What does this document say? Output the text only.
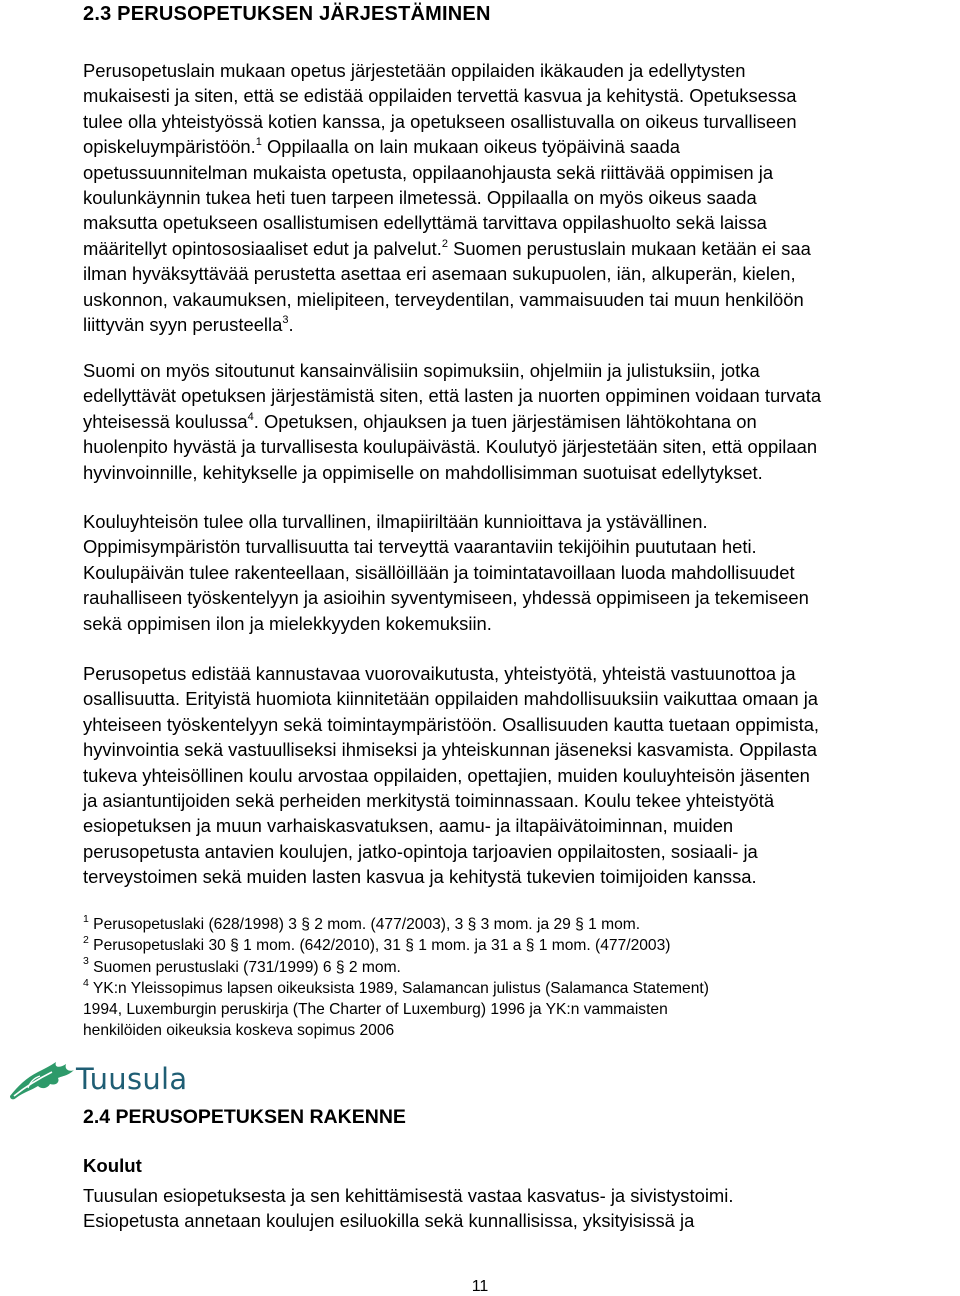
2.3 PERUSOPETUKSEN JÄRJESTÄMINEN
Perusopetuslain mukaan opetus järjestetään oppilaiden ikäkauden ja edellytysten
mukaisesti ja siten, että se edistää oppilaiden tervettä kasvua ja kehitystä. Opetuksessa
tulee olla yhteistyössä kotien kanssa, ja opetukseen osallistuvalla on oikeus turvalliseen
opiskeluympäristöön.$^1$ Oppilaalla on lain mukaan oikeus työpäivinä saada
opetussuunnitelman mukaista opetusta, oppilaanohjausta sekä riittävää oppimisen ja
koulunkäynnin tukea heti tuen tarpeen ilmetessä. Oppilaalla on myös oikeus saada
maksutta opetukseen osallistumisen edellyttämä tarvittava oppilashuolto sekä laissa
määritellyt opintososiaaliset edut ja palvelut.$^2$ Suomen perustuslain mukaan ketään ei saa
ilman hyväksyttävää perustetta asettaa eri asemaan sukupuolen, iän, alkuperän, kielen,
uskonnon, vakaumuksen, mielipiteen, terveydentilan, vammaisuuden tai muun henkilöön
liittyvän syyn perusteella$^3$.
Suomi on myös sitoutunut kansainvälisiin sopimuksiin, ohjelmiin ja julistuksiin, jotka
edellyttävät opetuksen järjestämistä siten, että lasten ja nuorten oppiminen voidaan turvata
yhteisessä koulussa$^4$. Opetuksen, ohjauksen ja tuen järjestämisen lähtökohtana on
huolenpito hyvästä ja turvallisesta koulupäivästä. Koulutyö järjestetään siten, että oppilaan
hyvinvoinnille, kehitykselle ja oppimiselle on mahdollisimman suotuisat edellytykset.
Kouluyhteisön tulee olla turvallinen, ilmapiiriltään kunnioittava ja ystävällinen.
Oppimisympäristön turvallisuutta tai terveyttä vaarantaviin tekijöihin puututaan heti.
Koulupäivän tulee rakenteellaan, sisällöillään ja toimintatavoillaan luoda mahdollisuudet
rauhalliseen työskentelyyn ja asioihin syventymiseen, yhdessä oppimiseen ja tekemiseen
sekä oppimisen ilon ja mielekkyyden kokemuksiin.
Perusopetus edistää kannustavaa vuorovaikutusta, yhteistyötä, yhteistä vastuunottoa ja
osallisuutta. Erityistä huomiota kiinnitetään oppilaiden mahdollisuuksiin vaikuttaa omaan ja
yhteiseen työskentelyyn sekä toimintaympäristöön. Osallisuuden kautta tuetaan oppimista,
hyvinvointia sekä vastuulliseksi ihmiseksi ja yhteiskunnan jäseneksi kasvamista. Oppilasta
tukeva yhteisöllinen koulu arvostaa oppilaiden, opettajien, muiden kouluyhteisön jäsenten
ja asiantuntijoiden sekä perheiden merkitystä toiminnassaan. Koulu tekee yhteistyötä
esiopetuksen ja muun varhaiskasvatuksen, aamu- ja iltapäivätoiminnan, muiden
perusopetusta antavien koulujen, jatko-opintoja tarjoavien oppilaitosten, sosiaali- ja
terveystoimen sekä muiden lasten kasvua ja kehitystä tukevien toimijoiden kanssa.
$^1$ Perusopetuslaki (628/1998) 3 § 2 mom. (477/2003), 3 § 3 mom. ja 29 § 1 mom.
$^2$ Perusopetuslaki 30 § 1 mom. (642/2010), 31 § 1 mom. ja 31 a § 1 mom. (477/2003)
$^3$ Suomen perustuslaki (731/1999) 6 § 2 mom.
$^4$ YK:n Yleissopimus lapsen oikeuksista 1989, Salamancan julistus (Salamanca Statement)
1994, Luxemburgin peruskirja (The Charter of Luxemburg) 1996 ja YK:n vammaisten
henkilöiden oikeuksia koskeva sopimus 2006
2.4 PERUSOPETUKSEN RAKENNE
Koulut
Tuusulan esiopetuksesta ja sen kehittämisestä vastaa kasvatus- ja sivistystoimi.
Esiopetusta annetaan koulujen esiluokilla sekä kunnallisissa, yksityisissä ja
Tuusula
11
